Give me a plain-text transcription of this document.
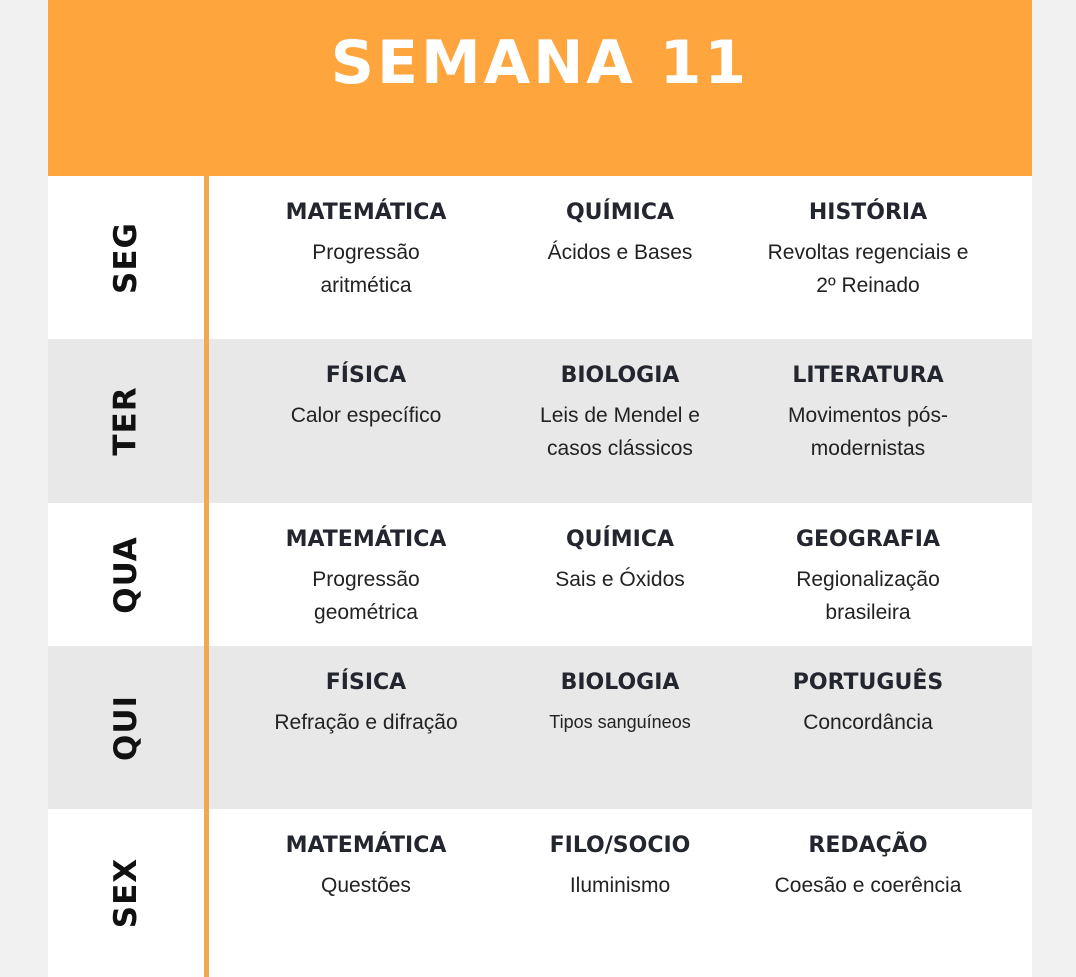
SEMANA 11
SEG
MATEMÁTICA
Progressão
aritmética
QUÍMICA
Ácidos e Bases
HISTÓRIA
Revoltas regenciais e
2º Reinado
TER
FÍSICA
Calor específico
BIOLOGIA
Leis de Mendel e
casos clássicos
LITERATURA
Movimentos pós-
modernistas
QUA	MATEMÁTICA
Progressão
geométrica
QUÍMICA
Sais e Óxidos
GEOGRAFIA
Regionalização
brasileira
QUI
FÍSICA
Refração e difração
BIOLOGIA
Tipos sanguíneos
PORTUGUÊS
Concordância
SEX
MATEMÁTICA
Questões
FILO/SOCIO
Iluminismo
REDAÇÃO
Coesão e coerência
